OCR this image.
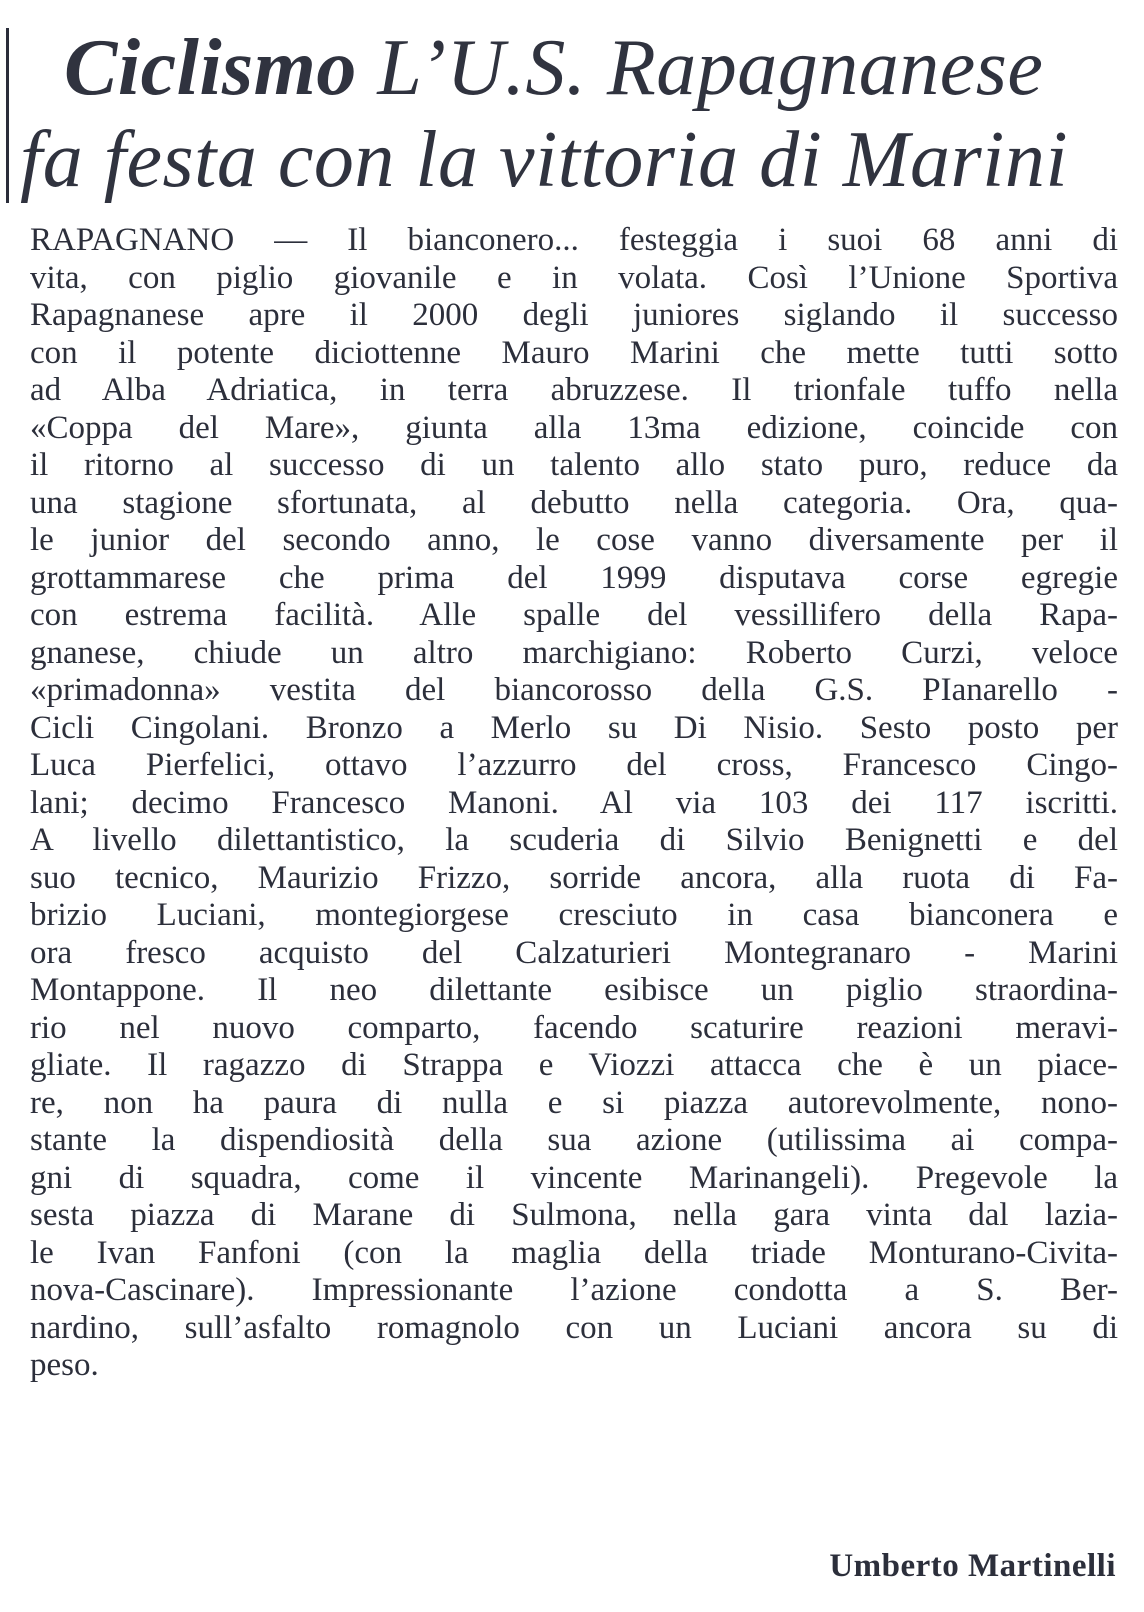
Ciclismo L’U.S. Rapagnanese
fa festa con la vittoria di Marini
RAPAGNANO — Il bianconero... festeggia i suoi 68 anni di
vita, con piglio giovanile e in volata. Così l’Unione Sportiva
Rapagnanese apre il 2000 degli juniores siglando il successo
con il potente diciottenne Mauro Marini che mette tutti sotto
ad Alba Adriatica, in terra abruzzese. Il trionfale tuffo nella
«Coppa del Mare», giunta alla 13ma edizione, coincide con
il ritorno al successo di un talento allo stato puro, reduce da
una stagione sfortunata, al debutto nella categoria. Ora, qua-
le junior del secondo anno, le cose vanno diversamente per il
grottammarese che prima del 1999 disputava corse egregie
con estrema facilità. Alle spalle del vessillifero della Rapa-
gnanese, chiude un altro marchigiano: Roberto Curzi, veloce
«primadonna» vestita del biancorosso della G.S. PIanarello -
Cicli Cingolani. Bronzo a Merlo su Di Nisio. Sesto posto per
Luca Pierfelici, ottavo l’azzurro del cross, Francesco Cingo-
lani; decimo Francesco Manoni. Al via 103 dei 117 iscritti.
A livello dilettantistico, la scuderia di Silvio Benignetti e del
suo tecnico, Maurizio Frizzo, sorride ancora, alla ruota di Fa-
brizio Luciani, montegiorgese cresciuto in casa bianconera e
ora fresco acquisto del Calzaturieri Montegranaro - Marini
Montappone. Il neo dilettante esibisce un piglio straordina-
rio nel nuovo comparto, facendo scaturire reazioni meravi-
gliate. Il ragazzo di Strappa e Viozzi attacca che è un piace-
re, non ha paura di nulla e si piazza autorevolmente, nono-
stante la dispendiosità della sua azione (utilissima ai compa-
gni di squadra, come il vincente Marinangeli). Pregevole la
sesta piazza di Marane di Sulmona, nella gara vinta dal lazia-
le Ivan Fanfoni (con la maglia della triade Monturano-Civita-
nova-Cascinare). Impressionante l’azione condotta a S. Ber-
nardino, sull’asfalto romagnolo con un Luciani ancora su di
peso.
Umberto Martinelli
